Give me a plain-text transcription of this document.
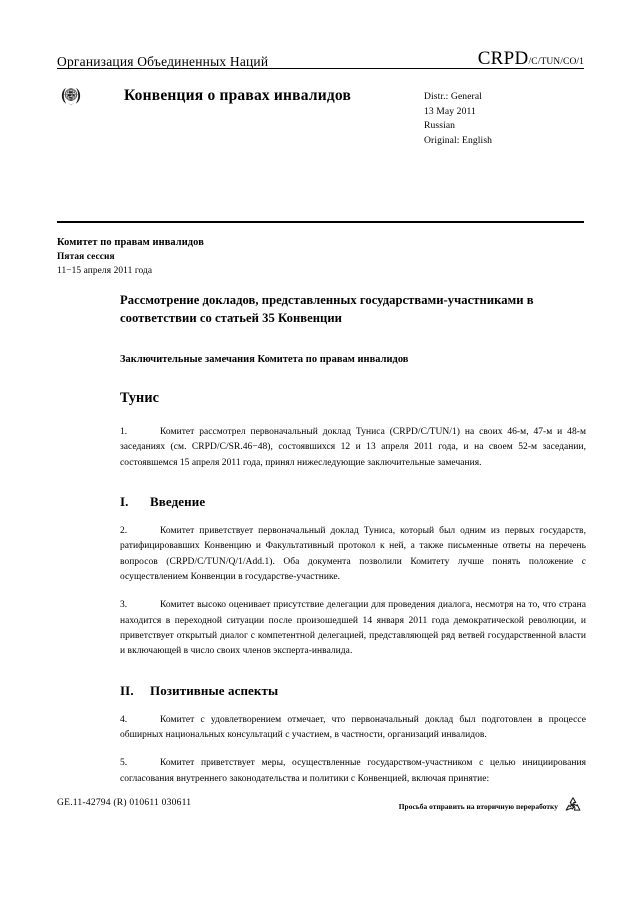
Организация Объединенных Наций	CRPD /C/TUN/CO/1
Конвенция о правах инвалидов	Distr.: General
13 May 2011
Russian
Original: English
Комитет по правам инвалидов
Пятая сессия
11−15 апреля 2011 года
Рассмотрение докладов, представленных государствами-участниками в соответствии со статьей 35 Конвенции
Заключительные замечания Комитета по правам инвалидов
Тунис

1.	Комитет рассмотрел первоначальный доклад Туниса (CRPD/C/TUN/1) на своих 46-м, 47-м и 48-м заседаниях (см. CRPD/C/SR.46−48), состоявшихся 12 и 13 апреля 2011 года, и на своем 52-м заседании, состоявшемся 15 апреля 2011 года, принял нижеследующие заключительные замечания.

I.	Введение

2.	Комитет приветствует первоначальный доклад Туниса, который был одним из первых государств, ратифицировавших Конвенцию и Факультативный протокол к ней, а также письменные ответы на перечень вопросов (CRPD/C/TUN/Q/1/Add.1). Оба документа позволили Комитету лучше понять положение с осуществлением Конвенции в государстве-участнике.

3.	Комитет высоко оценивает присутствие делегации для проведения диалога, несмотря на то, что страна находится в переходной ситуации после произошедшей 14 января 2011 года демократической революции, и приветствует открытый диалог с компетентной делегацией, представляющей ряд ветвей государственной власти и включающей в число своих членов эксперта-инвалида.

II.	Позитивные аспекты

4.	Комитет с удовлетворением отмечает, что первоначальный доклад был подготовлен в процессе обширных национальных консультаций с участием, в частности, организаций инвалидов.

5.	Комитет приветствует меры, осуществленные государством-участником с целью инициирования согласования внутреннего законодательства и политики с Конвенцией, включая принятие:

GE.11-42794 (R) 010611 030611	Просьба отправить на вторичную переработку
